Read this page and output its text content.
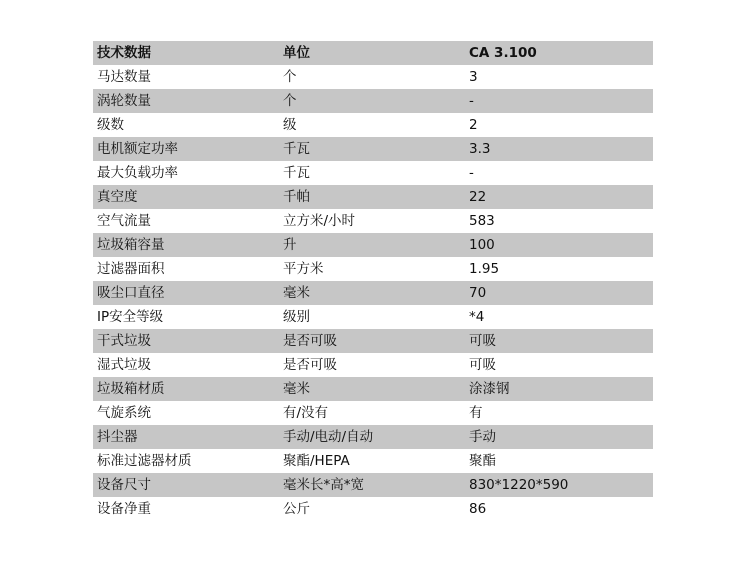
技术数据	单位	CA 3.100
马达数量	个	3
涡轮数量	个	-
级数	级	2
电机额定功率	千瓦	3.3
最大负载功率	千瓦	-
真空度	千帕	22
空气流量	立方米/小时	583
垃圾箱容量	升	100
过滤器面积	平方米	1.95
吸尘口直径	毫米	70
IP安全等级	级别	*4
干式垃圾	是否可吸	可吸
湿式垃圾	是否可吸	可吸
垃圾箱材质	毫米	涂漆钢
气旋系统	有/没有	有
抖尘器	手动/电动/自动	手动
标准过滤器材质	聚酯/HEPA	聚酯
设备尺寸	毫米长*高*宽	830*1220*590
设备净重	公斤	86
